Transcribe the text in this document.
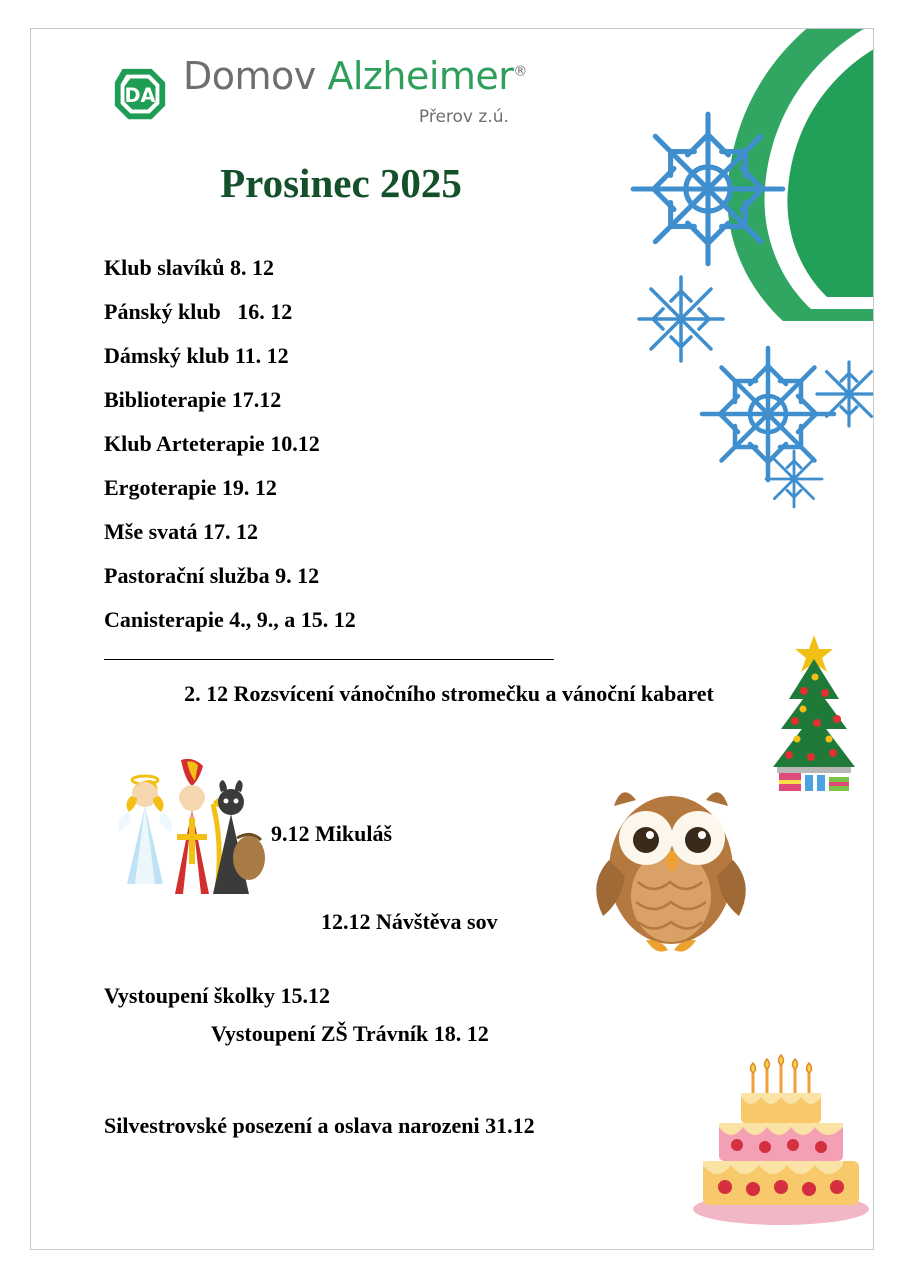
DA Domov Alzheimer®
Přerov z.ú.
Prosinec 2025
Klub slavíků 8. 12
Pánský klub   16. 12
Dámský klub 11. 12
Biblioterapie 17.12
Klub Arteterapie 10.12
Ergoterapie 19. 12
Mše svatá 17. 12
Pastorační služba 9. 12
Canisterapie 4., 9., a 15. 12
2. 12 Rozsvícení vánočního stromečku a vánoční kabaret
9.12 Mikuláš
12.12 Návštěva sov
Vystoupení školky 15.12
Vystoupení ZŠ Trávník 18. 12
Silvestrovské posezení a oslava narozeni 31.12
